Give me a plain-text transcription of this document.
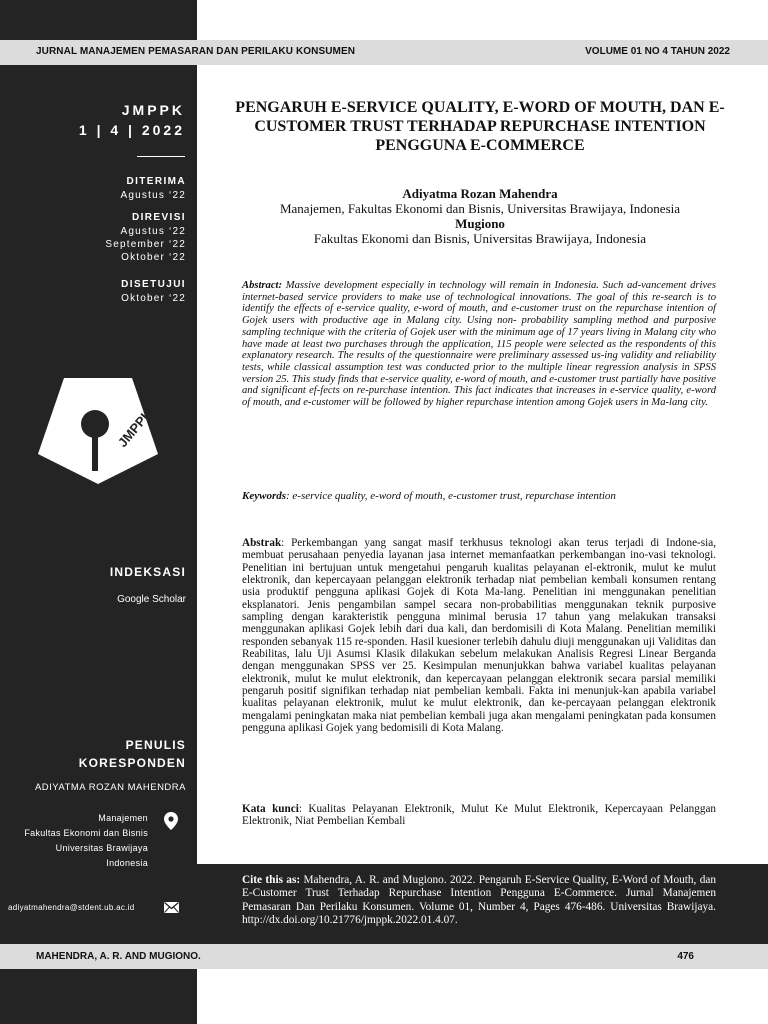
JURNAL MANAJEMEN PEMASARAN DAN PERILAKU KONSUMEN	VOLUME 01 NO 4 TAHUN 2022
JMPPK
1 | 4 | 2022
DITERIMA
Agustus ‘22
DIREVISI
Agustus ‘22
September ‘22
Oktober ‘22
DISETUJUI
Oktober ‘22
JMPPK
INDEKSASI
Google Scholar
PENULIS
KORESPONDEN
ADIYATMA ROZAN MAHENDRA
Manajemen
Fakultas Ekonomi dan Bisnis
Universitas Brawijaya
Indonesia
adiyatmahendra@stdent.ub.ac.id
PENGARUH E-SERVICE QUALITY, E-WORD OF MOUTH, DAN E-CUSTOMER TRUST TERHADAP REPURCHASE INTENTION PENGGUNA E-COMMERCE
Adiyatma Rozan Mahendra
Manajemen, Fakultas Ekonomi dan Bisnis, Universitas Brawijaya, Indonesia
Mugiono
Fakultas Ekonomi dan Bisnis, Universitas Brawijaya, Indonesia
Abstract: Massive development especially in technology will remain in Indonesia. Such ad-vancement drives internet-based service providers to make use of technological innovations. The goal of this re-search is to identify the effects of e-service quality, e-word of mouth, and e-customer trust on the repurchase intention of Gojek users with productive age in Malang city. Using non- probability sampling method and purposive sampling technique with the criteria of Gojek user with the minimum age of 17 years living in Malang city who have made at least two purchases through the application, 115 people were selected as the respondents of this explanatory research. The results of the questionnaire were preliminary assessed us-ing validity and reliability tests, while classical assumption test was conducted prior to the multiple linear regression analysis in SPSS version 25. This study finds that e-service quality, e-word of mouth, and e-customer trust partially have positive and significant ef-fects on re-purchase intention. This fact indicates that increases in e-service quality, e-word of mouth, and e-customer will be followed by higher repurchase intention among Gojek users in Ma-lang city.
Keywords: e-service quality, e-word of mouth, e-customer trust, repurchase intention
Abstrak: Perkembangan yang sangat masif terkhusus teknologi akan terus terjadi di Indone-sia, membuat perusahaan penyedia layanan jasa internet memanfaatkan perkembangan ino-vasi teknologi. Penelitian ini bertujuan untuk mengetahui pengaruh kualitas pelayanan el-ektronik, mulut ke mulut elektronik, dan kepercayaan pelanggan elektronik terhadap niat pembelian kembali konsumen rentang usia produktif pengguna aplikasi Gojek di Kota Ma-lang. Penelitian ini menggunakan penelitian eksplanatori. Jenis pengambilan sampel secara non-probabilitias menggunakan teknik purposive sampling dengan karakteristik pengguna minimal berusia 17 tahun yang melakukan transaksi menggunakan aplikasi Gojek lebih dari dua kali, dan berdomisili di Kota Malang. Penelitian memiliki responden sebanyak 115 re-sponden. Hasil kuesioner terlebih dahulu diuji menggunakan uji Validitas dan Reabilitas, lalu Uji Asumsi Klasik dilakukan sebelum melakukan Analisis Regresi Linear Berganda dengan menggunakan SPSS ver 25. Kesimpulan menunjukkan bahwa variabel kualitas pelayanan elektronik, mulut ke mulut elektronik, dan kepercayaan pelanggan elektronik secara parsial memiliki pengaruh positif signifikan terhadap niat pembelian kembali. Fakta ini menunjuk-kan apabila variabel kualitas pelayanan elektronik, mulut ke mulut elektronik, dan ke-percayaan pelanggan elektronik mengalami peningkatan maka niat pembelian kembali juga akan mengalami peningkatan pada konsumen pengguna aplikasi Gojek yang bedomisili di Kota Malang.
Kata kunci: Kualitas Pelayanan Elektronik, Mulut Ke Mulut Elektronik, Kepercayaan Pelanggan Elektronik, Niat Pembelian Kembali
Cite this as: Mahendra, A. R. and Mugiono. 2022. Pengaruh E-Service Quality, E-Word of Mouth, dan E-Customer Trust Terhadap Repurchase Intention Pengguna E-Commerce. Jurnal Manajemen Pemasaran Dan Perilaku Konsumen. Volume 01, Number 4, Pages 476-486. Universitas Brawijaya. http://dx.doi.org/10.21776/jmppk.2022.01.4.07.
MAHENDRA, A. R. AND MUGIONO.	476
